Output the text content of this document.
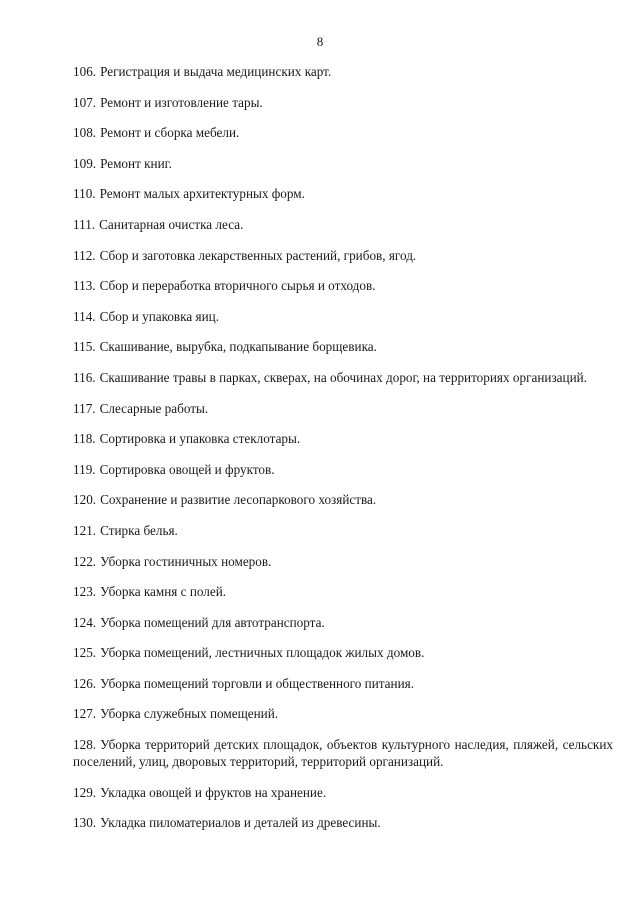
8
106. Регистрация и выдача медицинских карт.
107. Ремонт и изготовление тары.
108. Ремонт и сборка мебели.
109. Ремонт книг.
110. Ремонт малых архитектурных форм.
111. Санитарная очистка леса.
112. Сбор и заготовка лекарственных растений, грибов, ягод.
113. Сбор и переработка вторичного сырья и отходов.
114. Сбор и упаковка яиц.
115. Скашивание, вырубка, подкапывание борщевика.
116. Скашивание травы в парках, скверах, на обочинах дорог, на территориях организаций.
117. Слесарные работы.
118. Сортировка и упаковка стеклотары.
119. Сортировка овощей и фруктов.
120. Сохранение и развитие лесопаркового хозяйства.
121. Стирка белья.
122. Уборка гостиничных номеров.
123. Уборка камня с полей.
124. Уборка помещений для автотранспорта.
125. Уборка помещений, лестничных площадок жилых домов.
126. Уборка помещений торговли и общественного питания.
127. Уборка служебных помещений.
128. Уборка территорий детских площадок, объектов культурного наследия, пляжей, сельских поселений, улиц, дворовых территорий, территорий организаций.
129. Укладка овощей и фруктов на хранение.
130. Укладка пиломатериалов и деталей из древесины.
